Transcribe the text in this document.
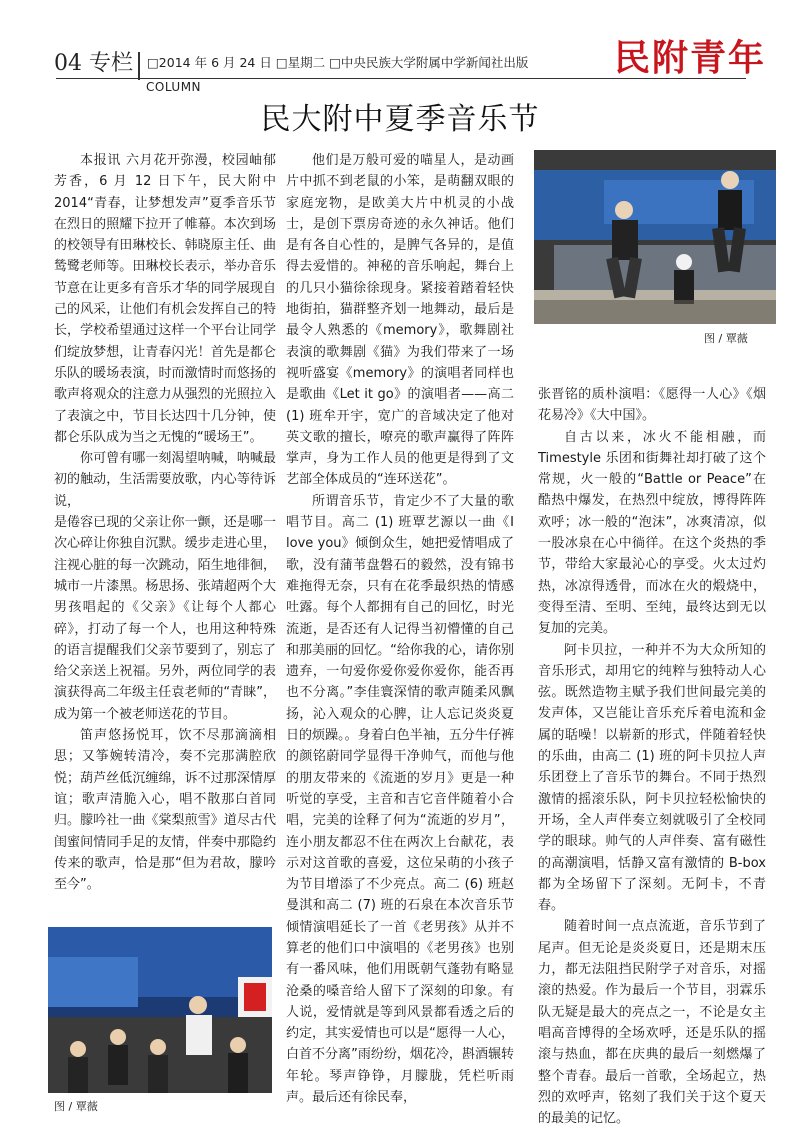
04 专栏 □2014 年 6 月 24 日 □星期二 □中央民族大学附属中学新闻社出版
COLUMN
民附青年
民大附中夏季音乐节

本报讯 六月花开弥漫，校园岫郁芳香，6 月 12 日下午，民大附中 2014“青春，让梦想发声”夏季音乐节在烈日的照耀下拉开了帷幕。本次到场的校领导有田琳校长、韩晓原主任、曲鸶鹭老师等。田琳校长表示，举办音乐节意在让更多有音乐才华的同学展现自己的风采，让他们有机会发挥自己的特长，学校希望通过这样一个平台让同学们绽放梦想，让青春闪光！首先是都仑乐队的暖场表演，时而激情时而悠扬的歌声将观众的注意力从强烈的光照拉入了表演之中，节目长达四十几分钟，使都仑乐队成为当之无愧的“暖场王”。

你可曾有哪一刻渴望呐喊，呐喊最初的触动，生活需要放歌，内心等待诉说，

是倦容已现的父亲让你一颤，还是哪一次心碎让你独自沉默。缓步走进心里，注视心脏的每一次跳动，陌生地徘徊，城市一片漆黑。杨思扬、张靖超两个大男孩唱起的《父亲》《让每个人都心碎》，打动了每一个人，也用这种特殊的语言提醒我们父亲节要到了，别忘了给父亲送上祝福。另外，两位同学的表演获得高二年级主任袁老师的“青睐”，成为第一个被老师送花的节目。

笛声悠扬悦耳，饮不尽那滴滴相思；又筝婉转清冷，奏不完那满腔欣悦；葫芦丝低沉缠绵，诉不过那深情厚谊；歌声清脆入心，唱不散那白首同归。朦吟社一曲《棠梨煎雪》道尽古代闺蜜间情同手足的友情，伴奏中那隐约传来的歌声，恰是那“但为君故，朦吟至今”。

他们是万般可爱的喵星人，是动画片中抓不到老鼠的小笨，是萌翻双眼的家庭宠物，是欧美大片中机灵的小战士，是创下票房奇迹的永久神话。他们是有各自心性的，是脾气各异的，是值得去爱惜的。神秘的音乐响起，舞台上的几只小猫徐徐现身。紧接着踏着轻快地街拍，猫群整齐划一地舞动，最后是最令人熟悉的《memory》，歌舞剧社表演的歌舞剧《猫》为我们带来了一场视听盛宴《memory》的演唱者同样也是歌曲《Let it go》的演唱者——高二 (1) 班牟开宇，宽广的音域决定了他对英文歌的擅长，嘹亮的歌声赢得了阵阵掌声，身为工作人员的他更是得到了文艺部全体成员的“连环送花”。

所谓音乐节，肯定少不了大量的歌唱节目。高二 (1) 班覃艺源以一曲《I love you》倾倒众生，她把爱情唱成了歌，没有蒲苇盘磐石的毅然，没有锦书难拖得无奈，只有在花季最织热的情感吐露。每个人都拥有自己的回忆，时光流逝，是否还有人记得当初懵懂的自己和那美丽的回忆。“给你我的心，请你别遗弃，一句爱你爱你爱你爱你，能否再也不分离。”李佳寰深情的歌声随柔风飘扬，沁入观众的心脾，让人忘记炎炎夏日的烦躁。。身着白色半袖，五分牛仔裤的颜铭蔚同学显得干净帅气，而他与他的朋友带来的《流逝的岁月》更是一种听觉的享受，主音和吉它音伴随着小合唱，完美的诠释了何为“流逝的岁月”，连小朋友都忍不住在两次上台献花，表示对这首歌的喜爱，这位呆萌的小孩子为节目增添了不少亮点。高二 (6) 班赵曼淇和高二 (7) 班的石泉在本次音乐节倾情演唱延长了一首《老男孩》从并不算老的他们口中演唱的《老男孩》也别有一番风味，他们用既朝气蓬勃有略显沧桑的嗓音给人留下了深刻的印象。有人说，爱情就是等到风景都看透之后的约定，其实爱情也可以是“愿得一人心，白首不分离”雨纷纷，烟花冷，斟酒辗转年轮。琴声铮铮，月朦胧，凭栏听雨声。最后还有徐民奉，

图 / 覃薇

张晋铭的质朴演唱：《愿得一人心》《烟花易冷》《大中国》。

自古以来，冰火不能相融，而 Timestyle 乐团和街舞社却打破了这个常规，火一般的“Battle or Peace”在酷热中爆发，在热烈中绽放，博得阵阵欢呼；冰一般的“泡沫”，冰爽清凉，似一股冰泉在心中徜徉。在这个炎热的季节，带给大家最沁心的享受。火太过灼热，冰凉得透骨，而冰在火的煅烧中，变得至清、至明、至纯，最终达到无以复加的完美。

阿卡贝拉，一种并不为大众所知的音乐形式，却用它的纯粹与独特动人心弦。既然造物主赋予我们世间最完美的发声体，又岂能让音乐充斥着电流和金属的聒噪！以崭新的形式，伴随着轻快的乐曲，由高二 (1) 班的阿卡贝拉人声乐团登上了音乐节的舞台。不同于热烈激情的摇滚乐队，阿卡贝拉轻松愉快的开场，全人声伴奏立刻就吸引了全校同学的眼球。帅气的人声伴奏、富有磁性的高潮演唱，恬静又富有激情的 B-box 都为全场留下了深刻。无阿卡，不青春。

随着时间一点点流逝，音乐节到了尾声。但无论是炎炎夏日，还是期末压力，都无法阻挡民附学子对音乐，对摇滚的热爱。作为最后一个节目，羽霖乐队无疑是最大的亮点之一，不论是女主唱高音博得的全场欢呼，还是乐队的摇滚与热血，都在庆典的最后一刻燃爆了整个青春。最后一首歌，全场起立，热烈的欢呼声，铭刻了我们关于这个夏天的最美的记忆。

图 / 覃薇
